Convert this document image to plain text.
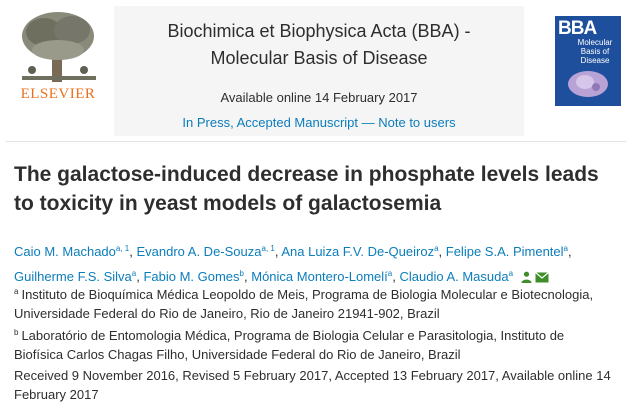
ELSEVIER
Biochimica et Biophysica Acta (BBA) -
Molecular Basis of Disease
Available online 14 February 2017
In Press, Accepted Manuscript — Note to users
BBA
Molecular Basis of Disease
The galactose-induced decrease in phosphate levels leads to toxicity in yeast models of galactosemia
Caio M. Machado$^{a, 1}$, Evandro A. De-Souza$^{a, 1}$, Ana Luiza F.V. De-Queiroz$^a$, Felipe S.A. Pimentel$^a$,
Guilherme F.S. Silva$^a$, Fabio M. Gomes$^b$, Mónica Montero-Lomelí$^a$, Claudio A. Masuda$^a$
$^a$ Instituto de Bioquímica Médica Leopoldo de Meis, Programa de Biologia Molecular e Biotecnologia, Universidade Federal do Rio de Janeiro, Rio de Janeiro 21941-902, Brazil
$^b$ Laboratório de Entomologia Médica, Programa de Biologia Celular e Parasitologia, Instituto de Biofísica Carlos Chagas Filho, Universidade Federal do Rio de Janeiro, Brazil
Received 9 November 2016, Revised 5 February 2017, Accepted 13 February 2017, Available online 14 February 2017
